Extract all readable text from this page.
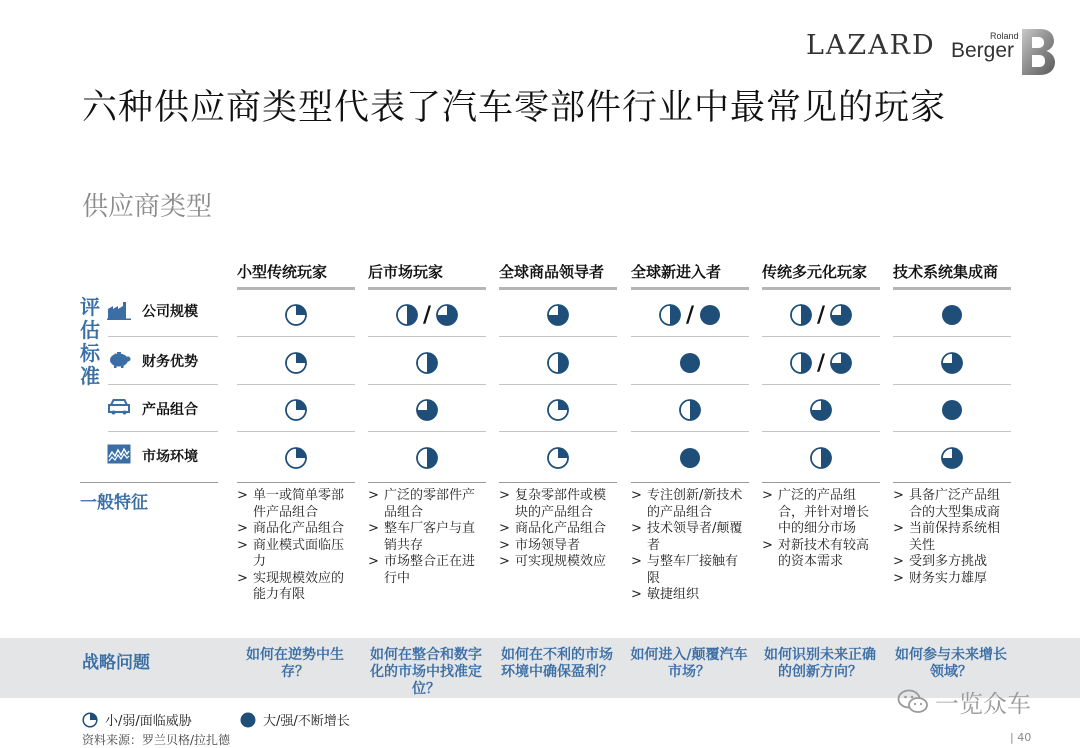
LAZARD	Roland
Berger
六种供应商类型代表了汽车零部件行业中最常见的玩家
供应商类型
小型传统玩家	后市场玩家	全球商品领导者	全球新进入者	传统多元化玩家	技术系统集成商
评估标准
公司规模
财务优势
产品组合
市场环境
/	/	/
/
一般特征
>	单一或简单零部件产品组合
> 商品化产品组合
> 商业模式面临压力
> 实现规模效应的能力有限
> 广泛的零部件产品组合
> 整车厂客户与直销共存
> 市场整合正在进行中
> 复杂零部件或模块的产品组合
> 商品化产品组合
> 市场领导者
> 可实现规模效应
> 专注创新/新技术的产品组合
> 技术领导者/颠覆者
> 与整车厂接触有限
> 敏捷组织
> 广泛的产品组合，并针对增长中的细分市场
> 对新技术有较高的资本需求
> 具备广泛产品组合的大型集成商
> 当前保持系统相关性
> 受到多方挑战
> 财务实力雄厚
战略问题	如何在逆势中生存？
如何在整合和数字化的市场中找准定位？
如何在不利的市场环境中确保盈利？
如何进入/颠覆汽车市场？
如何识别未来正确的创新方向？
如何参与未来增长领域？
一览众车
小/弱/面临威胁	大/强/不断增长
资料来源：罗兰贝格/拉扎德	| 40
